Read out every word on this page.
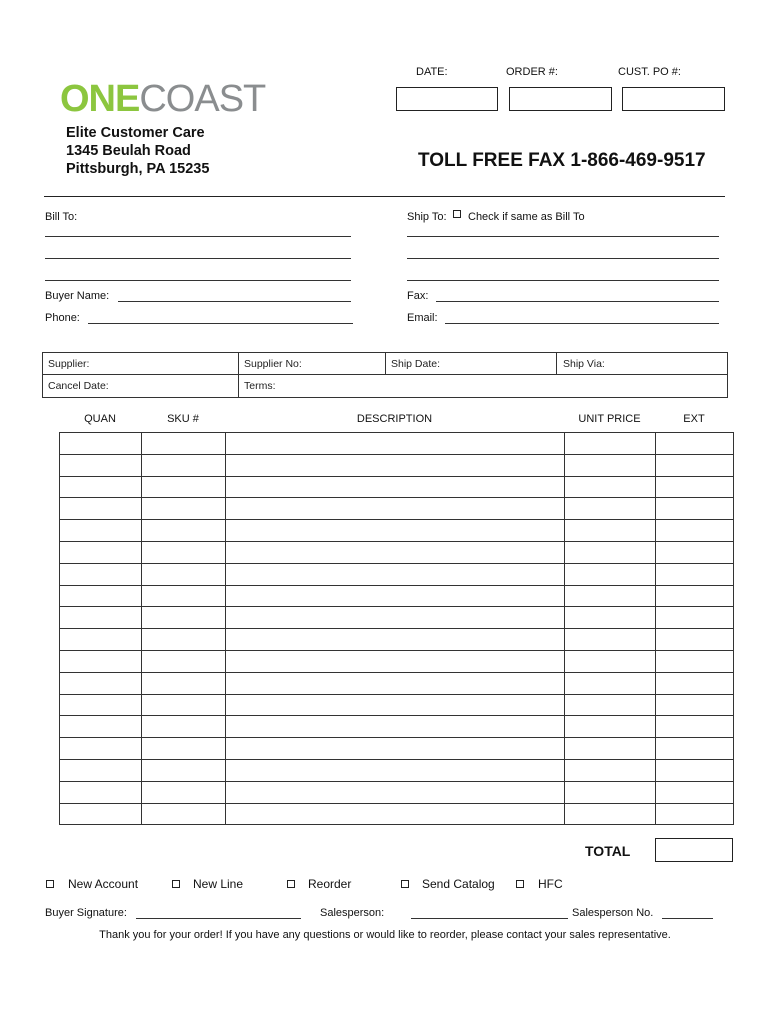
DATE:	ORDER #:	CUST. PO #:
ONECOAST
Elite Customer Care
1345 Beulah Road
Pittsburgh, PA 15235	TOLL FREE FAX 1-866-469-9517
Bill To:	Ship To: Check if same as Bill To
Buyer Name:	Fax:
Phone:	Email:
Supplier:	Supplier No:	Ship Date:	Ship Via:
Cancel Date:	Terms:
QUAN	SKU #	DESCRIPTION	UNIT PRICE	EXT

TOTAL
New Account	New Line	Reorder	Send Catalog	HFC
Buyer Signature:	Salesperson:	Salesperson No.
Thank you for your order! If you have any questions or would like to reorder, please contact your sales representative.
